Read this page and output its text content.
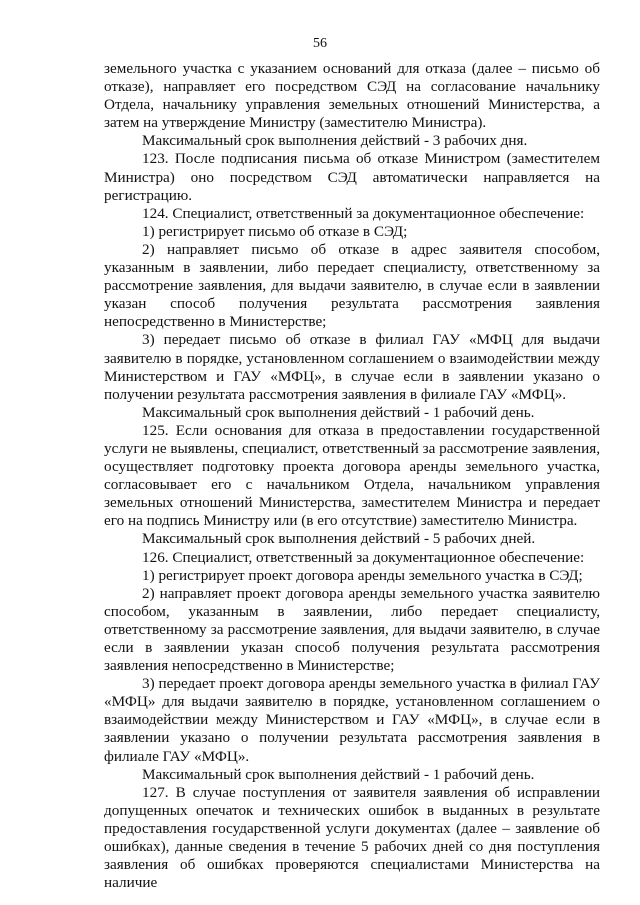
56

земельного участка с указанием оснований для отказа (далее – письмо об отказе), направляет его посредством СЭД на согласование начальнику Отдела, начальнику управления земельных отношений Министерства, а затем на утверждение Министру (заместителю Министра).

Максимальный срок выполнения действий - 3 рабочих дня.

123. После подписания письма об отказе Министром (заместителем Министра) оно посредством СЭД автоматически направляется на регистрацию.

124. Специалист, ответственный за документационное обеспечение:

1) регистрирует письмо об отказе в СЭД;

2) направляет письмо об отказе в адрес заявителя способом, указанным в заявлении, либо передает специалисту, ответственному за рассмотрение заявления, для выдачи заявителю, в случае если в заявлении указан способ получения результата рассмотрения заявления непосредственно в Министерстве;

3) передает письмо об отказе в филиал ГАУ «МФЦ для выдачи заявителю в порядке, установленном соглашением о взаимодействии между Министерством и ГАУ «МФЦ», в случае если в заявлении указано о получении результата рассмотрения заявления в филиале ГАУ «МФЦ».

Максимальный срок выполнения действий - 1 рабочий день.

125. Если основания для отказа в предоставлении государственной услуги не выявлены, специалист, ответственный за рассмотрение заявления, осуществляет подготовку проекта договора аренды земельного участка, согласовывает его с начальником Отдела, начальником управления земельных отношений Министерства, заместителем Министра и передает его на подпись Министру или (в его отсутствие) заместителю Министра.

Максимальный срок выполнения действий - 5 рабочих дней.

126. Специалист, ответственный за документационное обеспечение:

1) регистрирует проект договора аренды земельного участка в СЭД;

2) направляет проект договора аренды земельного участка заявителю способом, указанным в заявлении, либо передает специалисту, ответственному за рассмотрение заявления, для выдачи заявителю, в случае если в заявлении указан способ получения результата рассмотрения заявления непосредственно в Министерстве;

3) передает проект договора аренды земельного участка в филиал ГАУ «МФЦ» для выдачи заявителю в порядке, установленном соглашением о взаимодействии между Министерством и ГАУ «МФЦ», в случае если в заявлении указано о получении результата рассмотрения заявления в филиале ГАУ «МФЦ».

Максимальный срок выполнения действий - 1 рабочий день.

127. В случае поступления от заявителя заявления об исправлении допущенных опечаток и технических ошибок в выданных в результате предоставления государственной услуги документах (далее – заявление об ошибках), данные сведения в течение 5 рабочих дней со дня поступления заявления об ошибках проверяются специалистами Министерства на наличие
